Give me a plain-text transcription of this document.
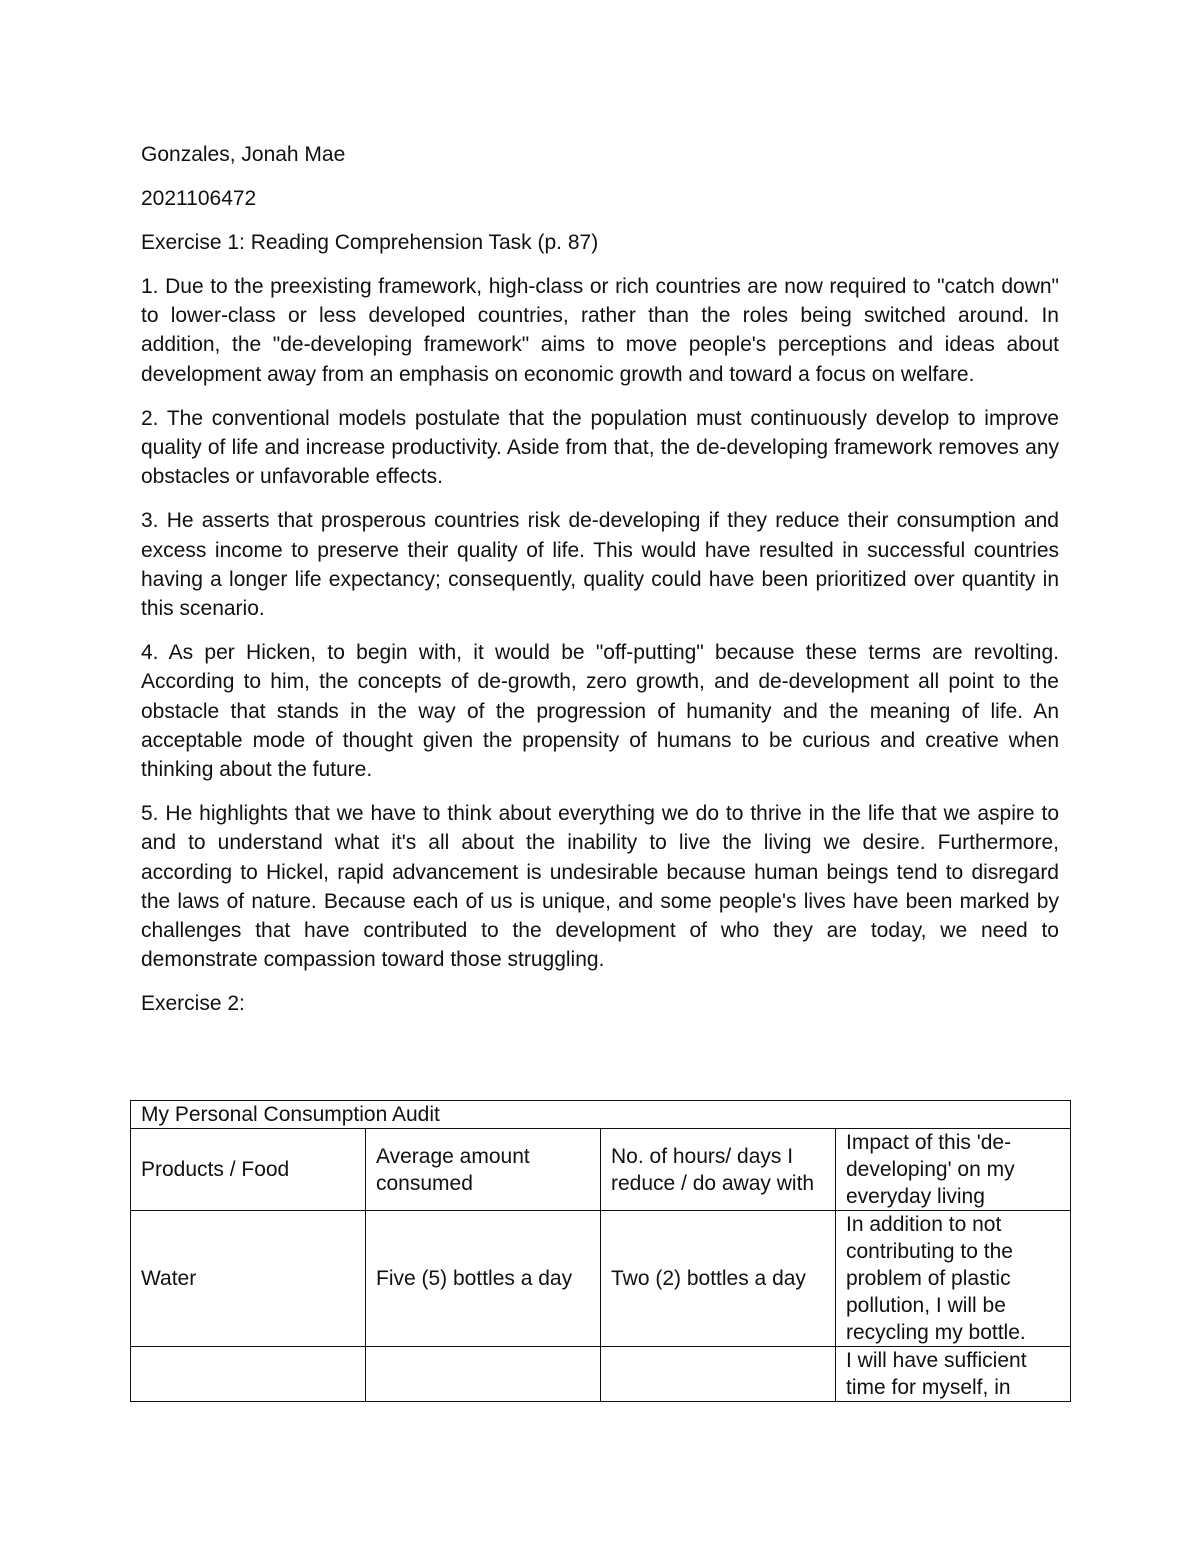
Gonzales, Jonah Mae

2021106472

Exercise 1: Reading Comprehension Task (p. 87)

1. Due to the preexisting framework, high-class or rich countries are now required to "catch down" to lower-class or less developed countries, rather than the roles being switched around. In addition, the "de-developing framework" aims to move people's perceptions and ideas about development away from an emphasis on economic growth and toward a focus on welfare.

2. The conventional models postulate that the population must continuously develop to improve quality of life and increase productivity. Aside from that, the de-developing framework removes any obstacles or unfavorable effects.

3. He asserts that prosperous countries risk de-developing if they reduce their consumption and excess income to preserve their quality of life. This would have resulted in successful countries having a longer life expectancy; consequently, quality could have been prioritized over quantity in this scenario.

4. As per Hicken, to begin with, it would be "off-putting" because these terms are revolting. According to him, the concepts of de-growth, zero growth, and de-development all point to the obstacle that stands in the way of the progression of humanity and the meaning of life. An acceptable mode of thought given the propensity of humans to be curious and creative when thinking about the future.

5. He highlights that we have to think about everything we do to thrive in the life that we aspire to and to understand what it's all about the inability to live the living we desire. Furthermore, according to Hickel, rapid advancement is undesirable because human beings tend to disregard the laws of nature. Because each of us is unique, and some people's lives have been marked by challenges that have contributed to the development of who they are today, we need to demonstrate compassion toward those struggling.

Exercise 2:

My Personal Consumption Audit			
Products / Food	Average amount consumed	No. of hours/ days I reduce / do away with	Impact of this 'de-developing' on my everyday living
Water	Five (5) bottles a day	Two (2) bottles a day	In addition to not contributing to the problem of plastic pollution, I will be recycling my bottle.
			I will have sufficient time for myself, in
